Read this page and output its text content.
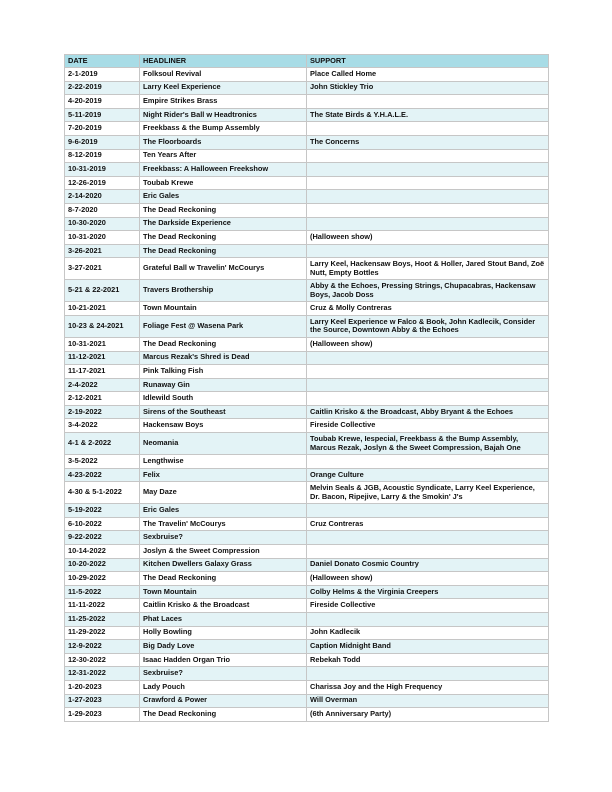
DATE	HEADLINER	SUPPORT
2-1-2019	Folksoul Revival	Place Called Home
2-22-2019	Larry Keel Experience	John Stickley Trio
4-20-2019	Empire Strikes Brass	
5-11-2019	Night Rider's Ball w Headtronics	The State Birds & Y.H.A.L.E.
7-20-2019	Freekbass & the Bump Assembly	
9-6-2019	The Floorboards	The Concerns
8-12-2019	Ten Years After	
10-31-2019	Freekbass: A Halloween Freekshow	
12-26-2019	Toubab Krewe	
2-14-2020	Eric Gales	
8-7-2020	The Dead Reckoning	
10-30-2020	The Darkside Experience	
10-31-2020	The Dead Reckoning	(Halloween show)
3-26-2021	The Dead Reckoning	
3-27-2021	Grateful Ball w Travelin' McCourys	Larry Keel, Hackensaw Boys, Hoot & Holler, Jared Stout Band, Zoë Nutt, Empty Bottles
5-21 & 22-2021	Travers Brothership	Abby & the Echoes, Pressing Strings, Chupacabras, Hackensaw Boys, Jacob Doss
10-21-2021	Town Mountain	Cruz & Molly Contreras
10-23 & 24-2021	Foliage Fest @ Wasena Park	Larry Keel Experience w Falco & Book, John Kadlecik, Consider the Source, Downtown Abby & the Echoes
10-31-2021	The Dead Reckoning	(Halloween show)
11-12-2021	Marcus Rezak's Shred is Dead	
11-17-2021	Pink Talking Fish	
2-4-2022	Runaway Gin	
2-12-2021	Idlewild South	
2-19-2022	Sirens of the Southeast	Caitlin Krisko & the Broadcast, Abby Bryant & the Echoes
3-4-2022	Hackensaw Boys	Fireside Collective
4-1 & 2-2022	Neomania	Toubab Krewe, Iespecial, Freekbass & the Bump Assembly, Marcus Rezak, Joslyn & the Sweet Compression, Bajah One
3-5-2022	Lengthwise	
4-23-2022	Felix	Orange Culture
4-30 & 5-1-2022	May Daze	Melvin Seals & JGB, Acoustic Syndicate, Larry Keel Experience, Dr. Bacon, Ripejive, Larry & the Smokin' J's
5-19-2022	Eric Gales	
6-10-2022	The Travelin' McCourys	Cruz Contreras
9-22-2022	Sexbruise?	
10-14-2022	Joslyn & the Sweet Compression	
10-20-2022	Kitchen Dwellers Galaxy Grass	Daniel Donato Cosmic Country
10-29-2022	The Dead Reckoning	(Halloween show)
11-5-2022	Town Mountain	Colby Helms & the Virginia Creepers
11-11-2022	Caitlin Krisko & the Broadcast	Fireside Collective
11-25-2022	Phat Laces	
11-29-2022	Holly Bowling	John Kadlecik
12-9-2022	Big Dady Love	Caption Midnight Band
12-30-2022	Isaac Hadden Organ Trio	Rebekah Todd
12-31-2022	Sexbruise?	
1-20-2023	Lady Pouch	Charissa Joy and the High Frequency
1-27-2023	Crawford & Power	Will Overman
1-29-2023	The Dead Reckoning	(6th Anniversary Party)
